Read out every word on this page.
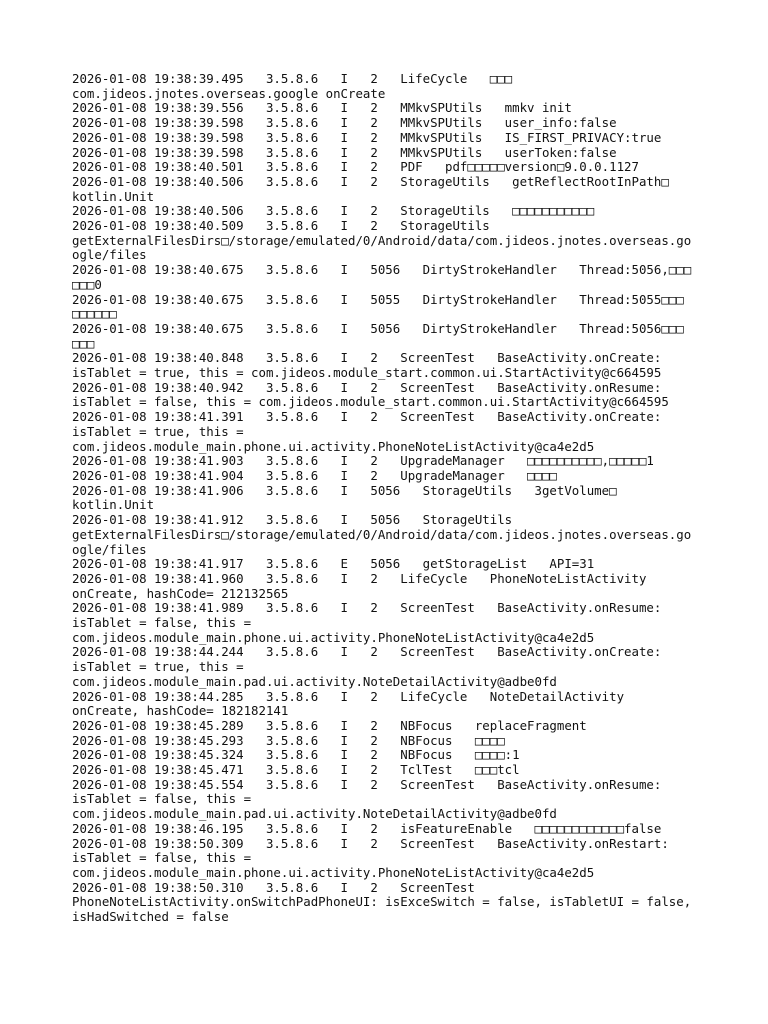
2026-01-08 19:38:39.495   3.5.8.6   I   2   LifeCycle   □□□
com.jideos.jnotes.overseas.google onCreate
2026-01-08 19:38:39.556   3.5.8.6   I   2   MMkvSPUtils   mmkv init
2026-01-08 19:38:39.598   3.5.8.6   I   2   MMkvSPUtils   user_info:false
2026-01-08 19:38:39.598   3.5.8.6   I   2   MMkvSPUtils   IS_FIRST_PRIVACY:true
2026-01-08 19:38:39.598   3.5.8.6   I   2   MMkvSPUtils   userToken:false
2026-01-08 19:38:40.501   3.5.8.6   I   2   PDF   pdf□□□□□version□9.0.0.1127
2026-01-08 19:38:40.506   3.5.8.6   I   2   StorageUtils   getReflectRootInPath□
kotlin.Unit
2026-01-08 19:38:40.506   3.5.8.6   I   2   StorageUtils   □□□□□□□□□□□
2026-01-08 19:38:40.509   3.5.8.6   I   2   StorageUtils
getExternalFilesDirs□/storage/emulated/0/Android/data/com.jideos.jnotes.overseas.go
ogle/files
2026-01-08 19:38:40.675   3.5.8.6   I   5056   DirtyStrokeHandler   Thread:5056,□□□
□□□0
2026-01-08 19:38:40.675   3.5.8.6   I   5055   DirtyStrokeHandler   Thread:5055□□□
□□□□□□
2026-01-08 19:38:40.675   3.5.8.6   I   5056   DirtyStrokeHandler   Thread:5056□□□
□□□
2026-01-08 19:38:40.848   3.5.8.6   I   2   ScreenTest   BaseActivity.onCreate:
isTablet = true, this = com.jideos.module_start.common.ui.StartActivity@c664595
2026-01-08 19:38:40.942   3.5.8.6   I   2   ScreenTest   BaseActivity.onResume:
isTablet = false, this = com.jideos.module_start.common.ui.StartActivity@c664595
2026-01-08 19:38:41.391   3.5.8.6   I   2   ScreenTest   BaseActivity.onCreate:
isTablet = true, this =
com.jideos.module_main.phone.ui.activity.PhoneNoteListActivity@ca4e2d5
2026-01-08 19:38:41.903   3.5.8.6   I   2   UpgradeManager   □□□□□□□□□□,□□□□□1
2026-01-08 19:38:41.904   3.5.8.6   I   2   UpgradeManager   □□□□
2026-01-08 19:38:41.906   3.5.8.6   I   5056   StorageUtils   3getVolume□
kotlin.Unit
2026-01-08 19:38:41.912   3.5.8.6   I   5056   StorageUtils
getExternalFilesDirs□/storage/emulated/0/Android/data/com.jideos.jnotes.overseas.go
ogle/files
2026-01-08 19:38:41.917   3.5.8.6   E   5056   getStorageList   API=31
2026-01-08 19:38:41.960   3.5.8.6   I   2   LifeCycle   PhoneNoteListActivity
onCreate, hashCode= 212132565
2026-01-08 19:38:41.989   3.5.8.6   I   2   ScreenTest   BaseActivity.onResume:
isTablet = false, this =
com.jideos.module_main.phone.ui.activity.PhoneNoteListActivity@ca4e2d5
2026-01-08 19:38:44.244   3.5.8.6   I   2   ScreenTest   BaseActivity.onCreate:
isTablet = true, this =
com.jideos.module_main.pad.ui.activity.NoteDetailActivity@adbe0fd
2026-01-08 19:38:44.285   3.5.8.6   I   2   LifeCycle   NoteDetailActivity
onCreate, hashCode= 182182141
2026-01-08 19:38:45.289   3.5.8.6   I   2   NBFocus   replaceFragment
2026-01-08 19:38:45.293   3.5.8.6   I   2   NBFocus   □□□□
2026-01-08 19:38:45.324   3.5.8.6   I   2   NBFocus   □□□□:1
2026-01-08 19:38:45.471   3.5.8.6   I   2   TclTest   □□□tcl
2026-01-08 19:38:45.554   3.5.8.6   I   2   ScreenTest   BaseActivity.onResume:
isTablet = false, this =
com.jideos.module_main.pad.ui.activity.NoteDetailActivity@adbe0fd
2026-01-08 19:38:46.195   3.5.8.6   I   2   isFeatureEnable   □□□□□□□□□□□□false
2026-01-08 19:38:50.309   3.5.8.6   I   2   ScreenTest   BaseActivity.onRestart:
isTablet = false, this =
com.jideos.module_main.phone.ui.activity.PhoneNoteListActivity@ca4e2d5
2026-01-08 19:38:50.310   3.5.8.6   I   2   ScreenTest
PhoneNoteListActivity.onSwitchPadPhoneUI: isExceSwitch = false, isTabletUI = false,
isHadSwitched = false
